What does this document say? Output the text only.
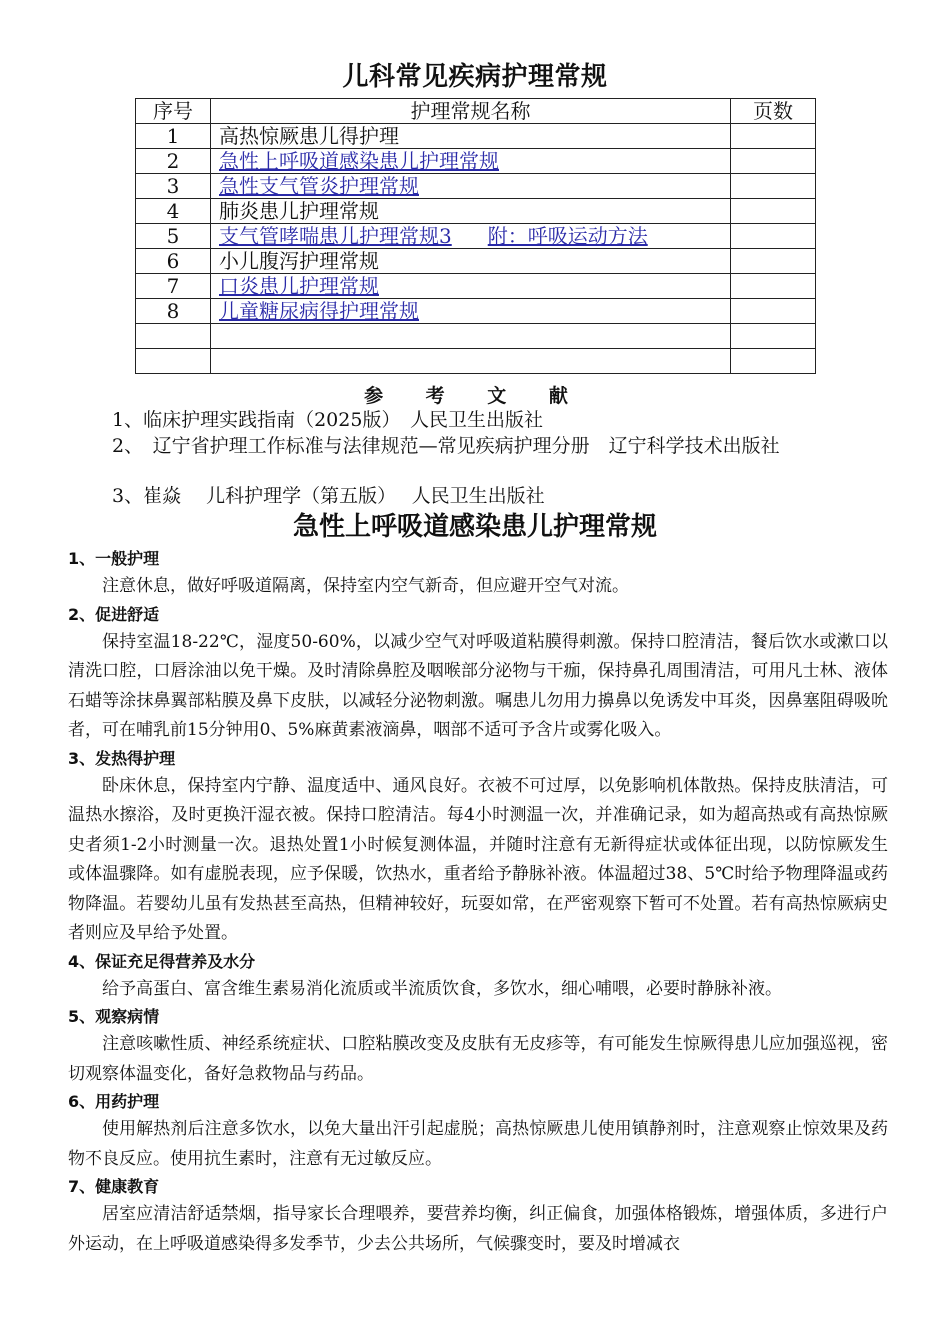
儿科常见疾病护理常规
序号	护理常规名称	页数
1	高热惊厥患儿得护理	
2	急性上呼吸道感染患儿护理常规	
3	急性支气管炎护理常规	
4	肺炎患儿护理常规	
5	支气管哮喘患儿护理常规3 附：呼吸运动方法	
6	小儿腹泻护理常规	
7	口炎患儿护理常规	
8	儿童糖尿病得护理常规	

参 考 文 献
1、临床护理实践指南（2025版）　人民卫生出版社
2、　辽宁省护理工作标准与法律规范—常见疾病护理分册　辽宁科学技术出版社
3、崔焱　 儿科护理学（第五版）　 人民卫生出版社
急性上呼吸道感染患儿护理常规
1、一般护理
注意休息，做好呼吸道隔离，保持室内空气新奇，但应避开空气对流。
2、促进舒适
保持室温18-22℃，湿度50-60%，以减少空气对呼吸道粘膜得刺激。保持口腔清洁，餐后饮水或漱口以清洗口腔，口唇涂油以免干燥。及时清除鼻腔及咽喉部分泌物与干痂，保持鼻孔周围清洁，可用凡士林、液体石蜡等涂抹鼻翼部粘膜及鼻下皮肤，以减轻分泌物刺激。嘱患儿勿用力擤鼻以免诱发中耳炎，因鼻塞阻碍吸吮者，可在哺乳前15分钟用0、5%麻黄素液滴鼻，咽部不适可予含片或雾化吸入。
3、发热得护理
卧床休息，保持室内宁静、温度适中、通风良好。衣被不可过厚，以免影响机体散热。保持皮肤清洁，可温热水擦浴，及时更换汗湿衣被。保持口腔清洁。每4小时测温一次，并准确记录，如为超高热或有高热惊厥史者须1-2小时测量一次。退热处置1小时候复测体温，并随时注意有无新得症状或体征出现，以防惊厥发生或体温骤降。如有虚脱表现，应予保暖，饮热水，重者给予静脉补液。体温超过38、5℃时给予物理降温或药物降温。若婴幼儿虽有发热甚至高热，但精神较好，玩耍如常，在严密观察下暂可不处置。若有高热惊厥病史者则应及早给予处置。
4、保证充足得营养及水分
给予高蛋白、富含维生素易消化流质或半流质饮食，多饮水，细心哺喂，必要时静脉补液。
5、观察病情
注意咳嗽性质、神经系统症状、口腔粘膜改变及皮肤有无皮疹等，有可能发生惊厥得患儿应加强巡视，密切观察体温变化，备好急救物品与药品。
6、用药护理
使用解热剂后注意多饮水，以免大量出汗引起虚脱；高热惊厥患儿使用镇静剂时，注意观察止惊效果及药物不良反应。使用抗生素时，注意有无过敏反应。
7、健康教育
居室应清洁舒适禁烟，指导家长合理喂养，要营养均衡，纠正偏食，加强体格锻炼，增强体质，多进行户外运动，在上呼吸道感染得多发季节，少去公共场所，气候骤变时，要及时增减衣
